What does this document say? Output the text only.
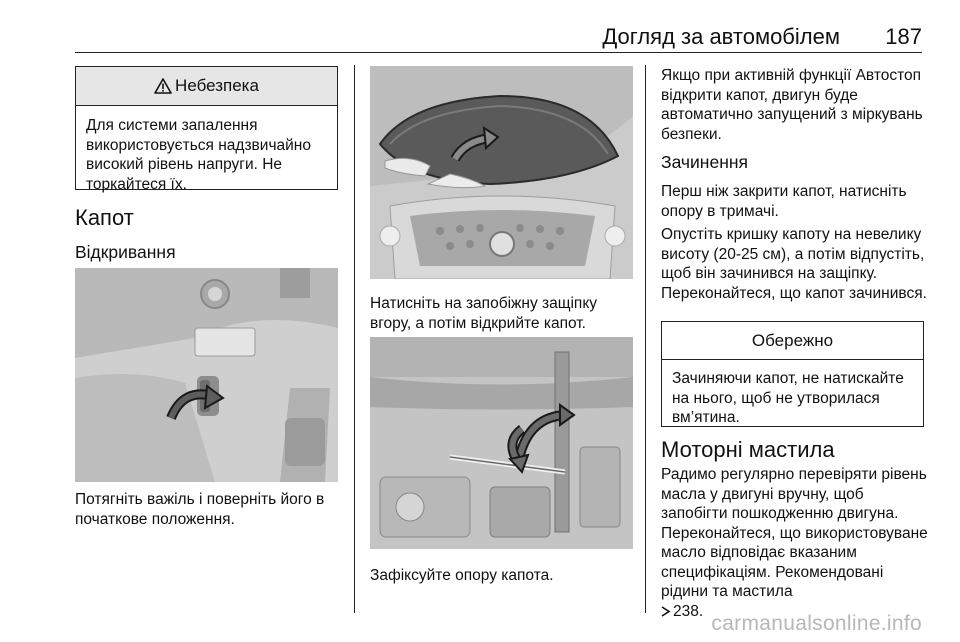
Догляд за автомобілем 187
Небезпека
Для системи запалення використовується надзвичайно високий рівень напруги. Не торкайтеся їх.
Капот
Відкривання
Потягніть важіль і поверніть його в початкове положення.
Натисніть на запобіжну защіпку вгору, а потім відкрийте капот.
Зафіксуйте опору капота.
Якщо при активній функції Автостоп відкрити капот, двигун буде автоматично запущений з міркувань безпеки.
Зачинення
Перш ніж закрити капот, натисніть опору в тримачі.
Опустіть кришку капоту на невелику висоту (20-25 см), а потім відпустіть, щоб він зачинився на защіпку. Переконайтеся, що капот зачинився.
Обережно
Зачиняючи капот, не натискайте на нього, щоб не утворилася вм’ятина.
Моторні мастила
Радимо регулярно перевіряти рівень масла у двигуні вручну, щоб запобігти пошкодженню двигуна. Переконайтеся, що використовуване масло відповідає вказаним специфікаціям. Рекомендовані рідини та мастила
238.
carmanualsonline.info
